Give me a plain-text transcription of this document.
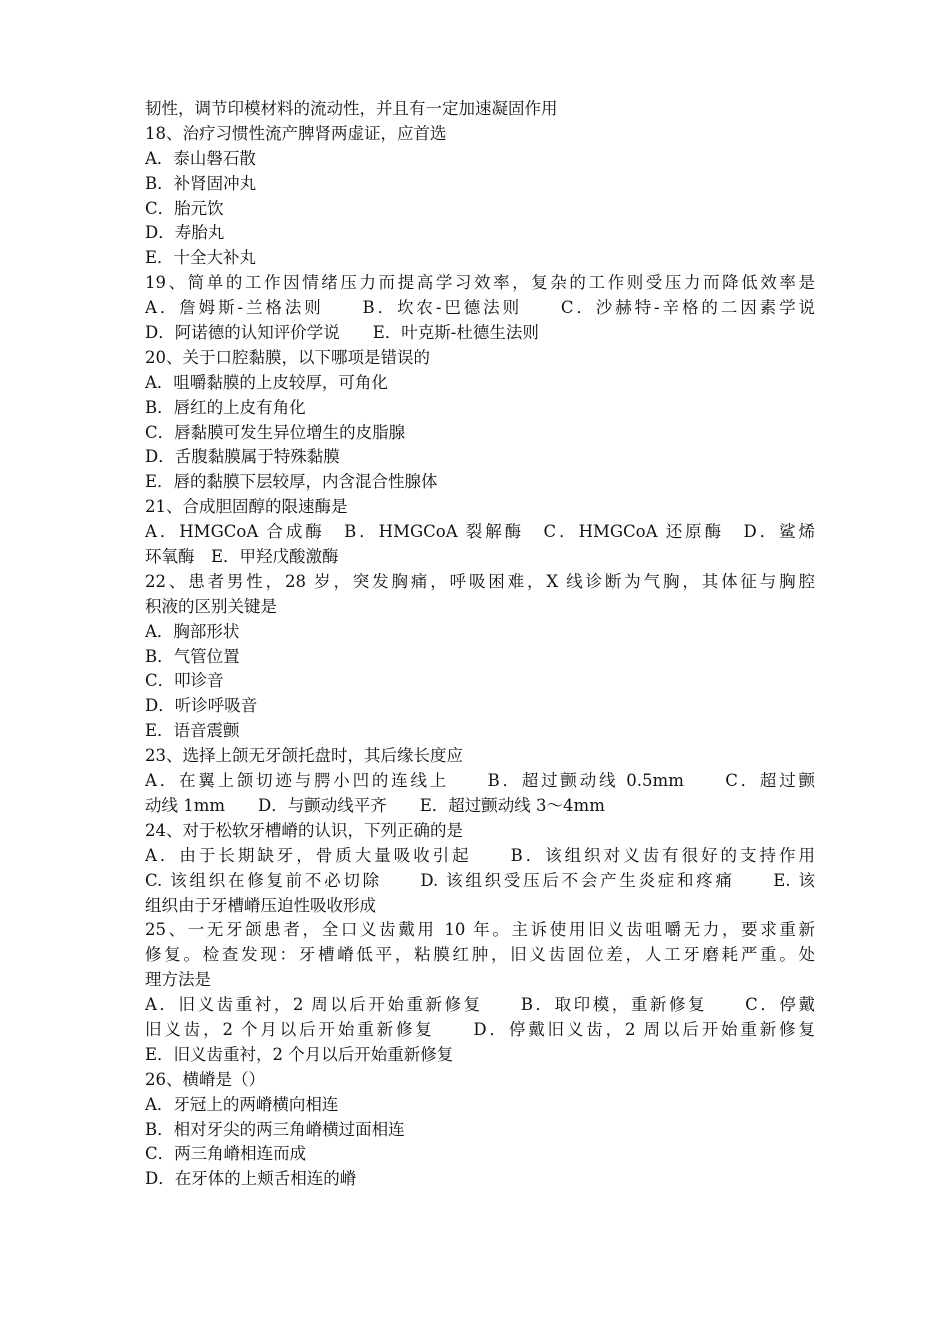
韧性，调节印模材料的流动性，并且有一定加速凝固作用
18、治疗习惯性流产脾肾两虚证，应首选
A．泰山磐石散
B．补肾固冲丸
C．胎元饮
D．寿胎丸
E．十全大补丸
19、简单的工作因情绪压力而提高学习效率，复杂的工作则受压力而降低效率是
A．詹姆斯-兰格法则　　B．坎农-巴德法则　　C．沙赫特-辛格的二因素学说
D．阿诺德的认知评价学说　　E．叶克斯-杜德生法则
20、关于口腔黏膜，以下哪项是错误的
A．咀嚼黏膜的上皮较厚，可角化
B．唇红的上皮有角化
C．唇黏膜可发生异位增生的皮脂腺
D．舌腹黏膜属于特殊黏膜
E．唇的黏膜下层较厚，内含混合性腺体
21、合成胆固醇的限速酶是
A．HMGCoA 合成酶　B．HMGCoA 裂解酶　C．HMGCoA 还原酶　D．鲨烯
环氧酶　E．甲羟戊酸激酶
22、患者男性，28 岁，突发胸痛，呼吸困难，X 线诊断为气胸，其体征与胸腔
积液的区别关键是
A．胸部形状
B．气管位置
C．叩诊音
D．听诊呼吸音
E．语音震颤
23、选择上颌无牙颌托盘时，其后缘长度应
A．在翼上颌切迹与腭小凹的连线上　　B．超过颤动线 0.5mm　　C．超过颤
动线 1mm　　D．与颤动线平齐　　E．超过颤动线 3～4mm
24、对于松软牙槽嵴的认识，下列正确的是
A．由于长期缺牙，骨质大量吸收引起　　B．该组织对义齿有很好的支持作用
C. 该组织在修复前不必切除　　D. 该组织受压后不会产生炎症和疼痛　　E. 该
组织由于牙槽嵴压迫性吸收形成
25、一无牙颌患者，全口义齿戴用 10 年。主诉使用旧义齿咀嚼无力，要求重新
修复。检查发现：牙槽嵴低平，粘膜红肿，旧义齿固位差，人工牙磨耗严重。处
理方法是
A．旧义齿重衬，2 周以后开始重新修复　　B．取印模，重新修复　　C．停戴
旧义齿，2 个月以后开始重新修复　　D．停戴旧义齿，2 周以后开始重新修复
E．旧义齿重衬，2 个月以后开始重新修复
26、横嵴是（）
A．牙冠上的两嵴横向相连
B．相对牙尖的两三角嵴横过面相连
C．两三角嵴相连而成
D．在牙体的上颊舌相连的嵴
